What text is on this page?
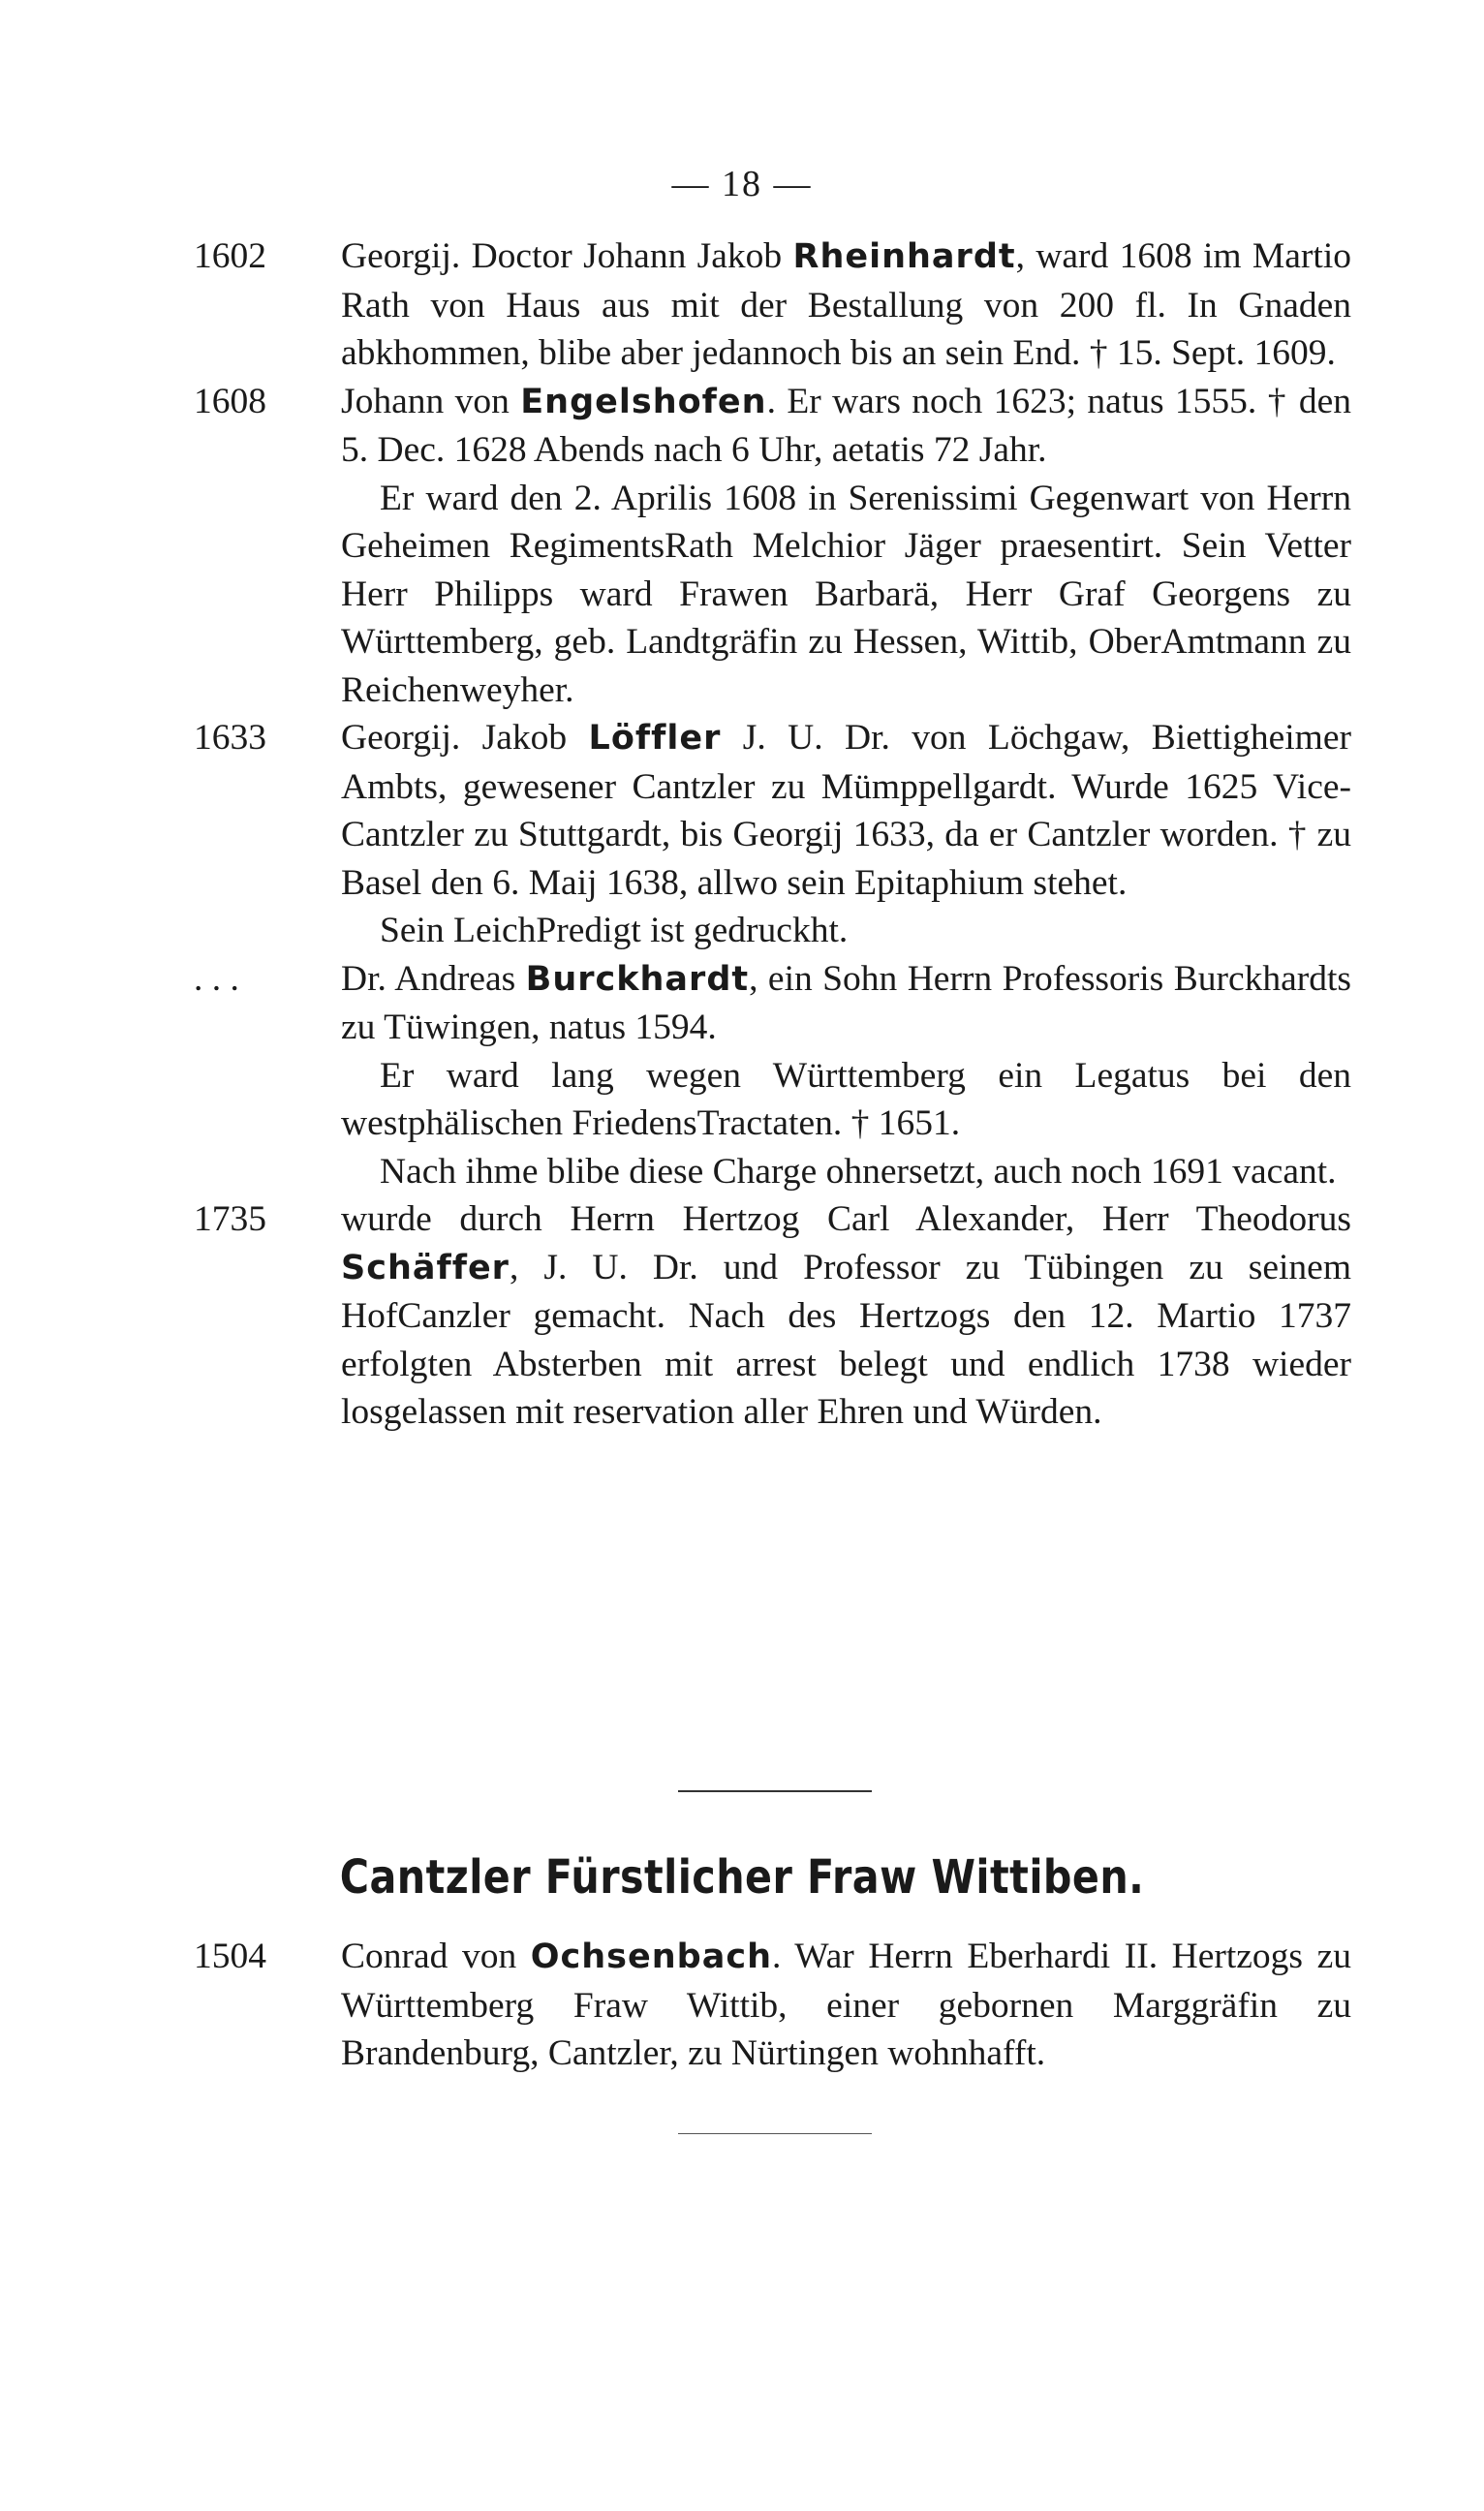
— 18 —
1602 Georgij. Doctor Johann Jakob Rheinhardt, ward 1608 im Martio Rath von Haus aus mit der Bestallung von 200 fl. In Gnaden abkhommen, blibe aber jedannoch bis an sein End. † 15. Sept. 1609.

1608 Johann von Engelshofen. Er wars noch 1623; natus 1555. † den 5. Dec. 1628 Abends nach 6 Uhr, aetatis 72 Jahr.

Er ward den 2. Aprilis 1608 in Serenissimi Gegenwart von Herrn Geheimen RegimentsRath Melchior Jäger praesentirt. Sein Vetter Herr Philipps ward Frawen Barbarä, Herr Graf Georgens zu Württemberg, geb. Landtgräfin zu Hessen, Wittib, OberAmtmann zu Reichenweyher.

1633 Georgij. Jakob Löffler J. U. Dr. von Löchgaw, Biettigheimer Ambts, gewesener Cantzler zu Mümppellgardt. Wurde 1625 Vice-Cantzler zu Stuttgardt, bis Georgij 1633, da er Cantzler worden. † zu Basel den 6. Maij 1638, allwo sein Epitaphium stehet.

Sein LeichPredigt ist gedruckht.

. . .	Dr. Andreas Burckhardt, ein Sohn Herrn Professoris Burckhardts zu Tüwingen, natus 1594.

Er ward lang wegen Württemberg ein Legatus bei den westphälischen FriedensTractaten. † 1651.

Nach ihme blibe diese Charge ohnersetzt, auch noch 1691 vacant.

1735 wurde durch Herrn Hertzog Carl Alexander, Herr Theodorus Schäffer, J. U. Dr. und Professor zu Tübingen zu seinem HofCanzler gemacht. Nach des Hertzogs den 12. Martio 1737 erfolgten Absterben mit arrest belegt und endlich 1738 wieder losgelassen mit reservation aller Ehren und Würden.

Cantzler Fürstlicher Fraw Wittiben.
1504 Conrad von Ochsenbach. War Herrn Eberhardi II. Hertzogs zu Württemberg Fraw Wittib, einer gebornen Marggräfin zu Brandenburg, Cantzler, zu Nürtingen wohnhafft.
